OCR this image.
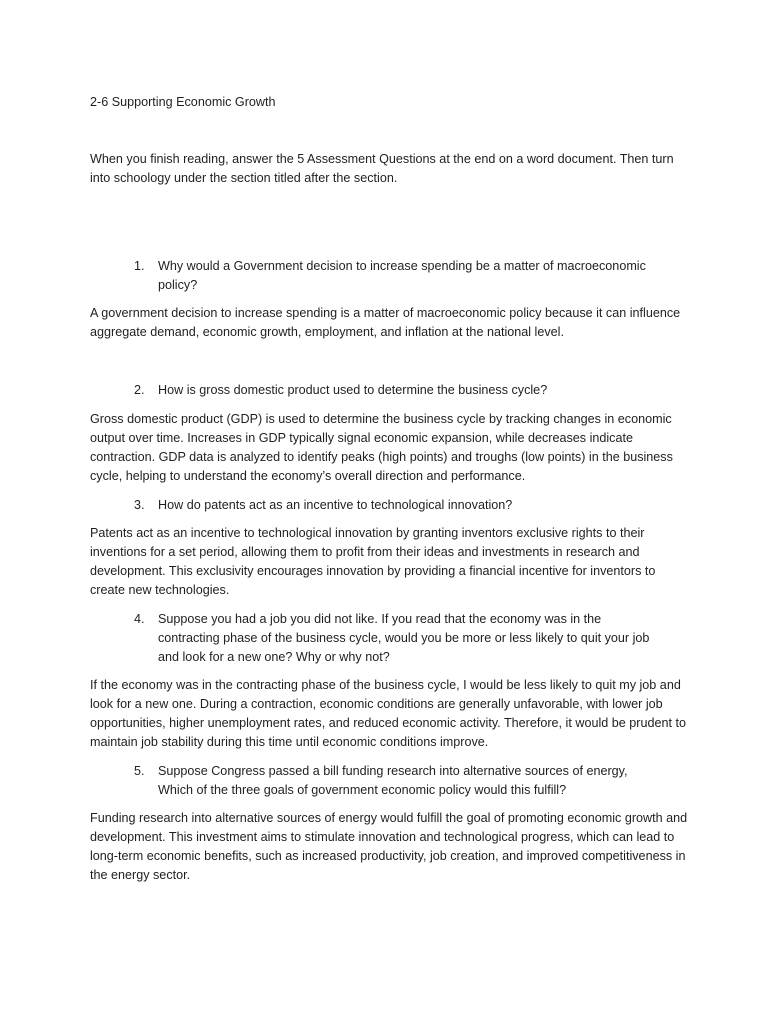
2-6 Supporting Economic Growth

When you finish reading, answer the 5 Assessment Questions at the end on a word document. Then turn into schoology under the section titled after the section.

1.	Why would a Government decision to increase spending be a matter of macroeconomic policy?

A government decision to increase spending is a matter of macroeconomic policy because it can influence aggregate demand, economic growth, employment, and inflation at the national level.

2.	How is gross domestic product used to determine the business cycle?

Gross domestic product (GDP) is used to determine the business cycle by tracking changes in economic output over time. Increases in GDP typically signal economic expansion, while decreases indicate contraction. GDP data is analyzed to identify peaks (high points) and troughs (low points) in the business cycle, helping to understand the economy’s overall direction and performance.

3.	How do patents act as an incentive to technological innovation?

Patents act as an incentive to technological innovation by granting inventors exclusive rights to their inventions for a set period, allowing them to profit from their ideas and investments in research and development. This exclusivity encourages innovation by providing a financial incentive for inventors to create new technologies.

4.	Suppose you had a job you did not like. If you read that the economy was in the contracting phase of the business cycle, would you be more or less likely to quit your job and look for a new one? Why or why not?

If the economy was in the contracting phase of the business cycle, I would be less likely to quit my job and look for a new one. During a contraction, economic conditions are generally unfavorable, with lower job opportunities, higher unemployment rates, and reduced economic activity. Therefore, it would be prudent to maintain job stability during this time until economic conditions improve.

5.	Suppose Congress passed a bill funding research into alternative sources of energy, Which of the three goals of government economic policy would this fulfill?

Funding research into alternative sources of energy would fulfill the goal of promoting economic growth and development. This investment aims to stimulate innovation and technological progress, which can lead to long-term economic benefits, such as increased productivity, job creation, and improved competitiveness in the energy sector.
